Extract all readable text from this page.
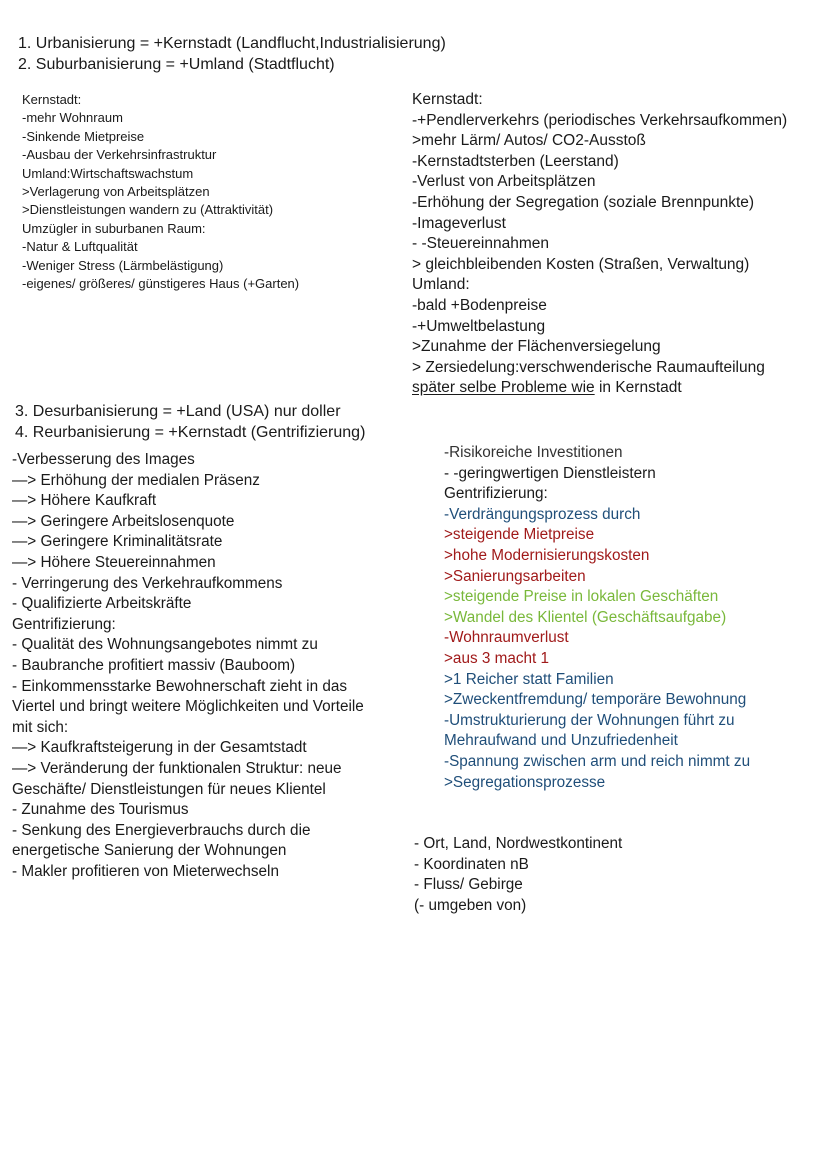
1. Urbanisierung = +Kernstadt (Landflucht,Industrialisierung)
2. Suburbanisierung = +Umland (Stadtflucht)
Kernstadt:
-mehr Wohnraum
-Sinkende Mietpreise
-Ausbau der Verkehrsinfrastruktur
Umland:Wirtschaftswachstum
>Verlagerung von Arbeitsplätzen
>Dienstleistungen wandern zu (Attraktivität)
Umzügler in suburbanen Raum:
-Natur & Luftqualität
-Weniger Stress (Lärmbelästigung)
-eigenes/ größeres/ günstigeres Haus (+Garten)
Kernstadt:
-+Pendlerverkehrs (periodisches Verkehrsaufkommen)
>mehr Lärm/ Autos/ CO2-Ausstoß
-Kernstadtsterben (Leerstand)
-Verlust von Arbeitsplätzen
-Erhöhung der Segregation (soziale Brennpunkte)
-Imageverlust
- -Steuereinnahmen
> gleichbleibenden Kosten (Straßen, Verwaltung)
Umland:
-bald +Bodenpreise
-+Umweltbelastung
>Zunahme der Flächenversiegelung
> Zersiedelung:verschwenderische Raumaufteilung
später selbe Probleme wie in Kernstadt
3. Desurbanisierung = +Land (USA) nur doller
4. Reurbanisierung = +Kernstadt (Gentrifizierung)
-Verbesserung des Images
—> Erhöhung der medialen Präsenz
—> Höhere Kaufkraft
—> Geringere Arbeitslosenquote
—> Geringere Kriminalitätsrate
—> Höhere Steuereinnahmen
- Verringerung des Verkehraufkommens
- Qualifizierte Arbeitskräfte
Gentrifizierung:
- Qualität des Wohnungsangebotes nimmt zu
- Baubranche profitiert massiv (Bauboom)
- Einkommensstarke Bewohnerschaft zieht in das
Viertel und bringt weitere Möglichkeiten und Vorteile
mit sich:
—> Kaufkraftsteigerung in der Gesamtstadt
—> Veränderung der funktionalen Struktur: neue
Geschäfte/ Dienstleistungen für neues Klientel
- Zunahme des Tourismus
- Senkung des Energieverbrauchs durch die
energetische Sanierung der Wohnungen
- Makler profitieren von Mieterwechseln
-Risikoreiche Investitionen
- -geringwertigen Dienstleistern
Gentrifizierung:
-Verdrängungsprozess durch
>steigende Mietpreise
>hohe Modernisierungskosten
>Sanierungsarbeiten
>steigende Preise in lokalen Geschäften
>Wandel des Klientel (Geschäftsaufgabe)
-Wohnraumverlust
>aus 3 macht 1
>1 Reicher statt Familien
>Zweckentfremdung/ temporäre Bewohnung
-Umstrukturierung der Wohnungen führt zu
Mehraufwand und Unzufriedenheit
-Spannung zwischen arm und reich nimmt zu
>Segregationsprozesse
- Ort, Land, Nordwestkontinent
- Koordinaten nB
- Fluss/ Gebirge
(- umgeben von)
